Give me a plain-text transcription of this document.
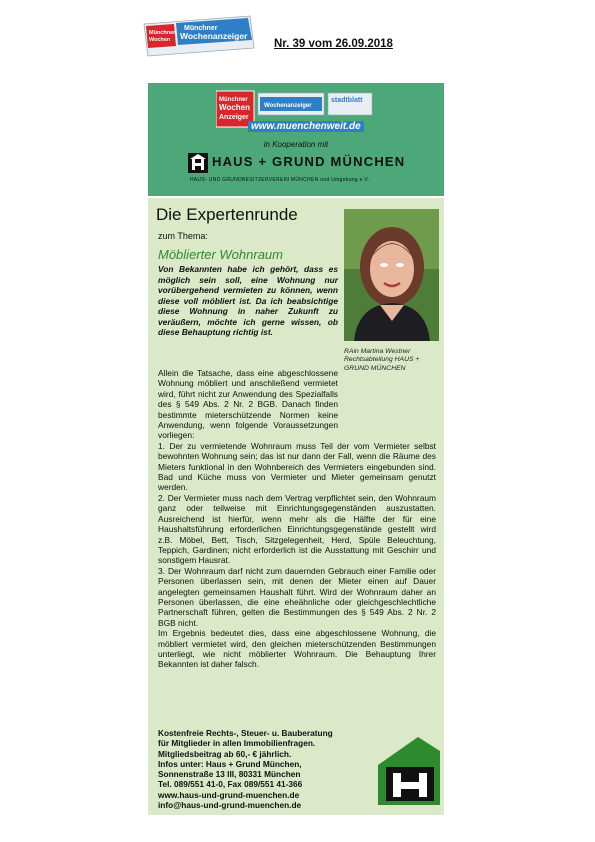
Münchner
Wochen
Münchner
Wochenanzeiger
Nr. 39 vom 26.09.2018
Münchner
Wochen
Anzeiger
Wochenanzeiger
stadtblatt
www.muenchenweit.de
in Kooperation mit
HAUS + GRUND MÜNCHEN
HAUS- UND GRUNDBESITZERVEREIN MÜNCHEN und Umgebung e.V.
Die Expertenrunde
zum Thema:
Möblierter Wohnraum
RAin Martina Westner Rechtsabteilung HAUS + GRUND MÜNCHEN
Von Bekannten habe ich gehört, dass es möglich sein soll, eine Wohnung nur vorübergehend vermieten zu können, wenn diese voll möbliert ist. Da ich beabsichtige diese Wohnung in naher Zukunft zu veräußern, möchte ich gerne wissen, ob diese Behauptung richtig ist.

Allein die Tatsache, dass eine abgeschlossene Wohnung möbliert und anschließend vermietet wird, führt nicht zur Anwendung des Spezialfalls des § 549 Abs. 2 Nr. 2 BGB. Danach finden bestimmte mieterschützende Normen keine Anwendung, wenn folgende Voraussetzungen vorliegen:

1. Der zu vermietende Wohnraum muss Teil der vom Vermieter selbst bewohnten Wohnung sein; das ist nur dann der Fall, wenn die Räume des Mieters funktional in den Wohnbereich des Vermieters eingebunden sind. Bad und Küche muss von Vermieter und Mieter gemeinsam genutzt werden.

2. Der Vermieter muss nach dem Vertrag verpflichtet sein, den Wohnraum ganz oder teilweise mit Einrichtungsgegenständen auszustatten. Ausreichend ist hierfür, wenn mehr als die Hälfte der für eine Haushaltsführung erforderlichen Einrichtungsgegenstände gestellt wird z.B. Möbel, Bett, Tisch, Sitzgelegenheit, Herd, Spüle Beleuchtung, Teppich, Gardinen; nicht erforderlich ist die Ausstattung mit Geschirr und sonstigem Hausrat.

3. Der Wohnraum darf nicht zum dauernden Gebrauch einer Familie oder Personen überlassen sein, mit denen der Mieter einen auf Dauer angelegten gemeinsamen Haushalt führt. Wird der Wohnraum daher an Personen überlassen, die eine eheähnliche oder gleichgeschlechtliche Partnerschaft führen, gelten die Bestimmungen des § 549 Abs. 2 Nr. 2 BGB nicht.

Im Ergebnis bedeutet dies, dass eine abgeschlossene Wohnung, die möbliert vermietet wird, den gleichen mieterschützenden Bestimmungen unterliegt, wie nicht möblierter Wohnraum. Die Behauptung Ihrer Bekannten ist daher falsch.

Kostenfreie Rechts-, Steuer- u. Bauberatung
für Mitglieder in allen Immobilienfragen.
Mitgliedsbeitrag ab 60,- € jährlich.
Infos unter: Haus + Grund München,
Sonnenstraße 13 III, 80331 München
Tel. 089/551 41-0, Fax 089/551 41-366
www.haus-und-grund-muenchen.de
info@haus-und-grund-muenchen.de
